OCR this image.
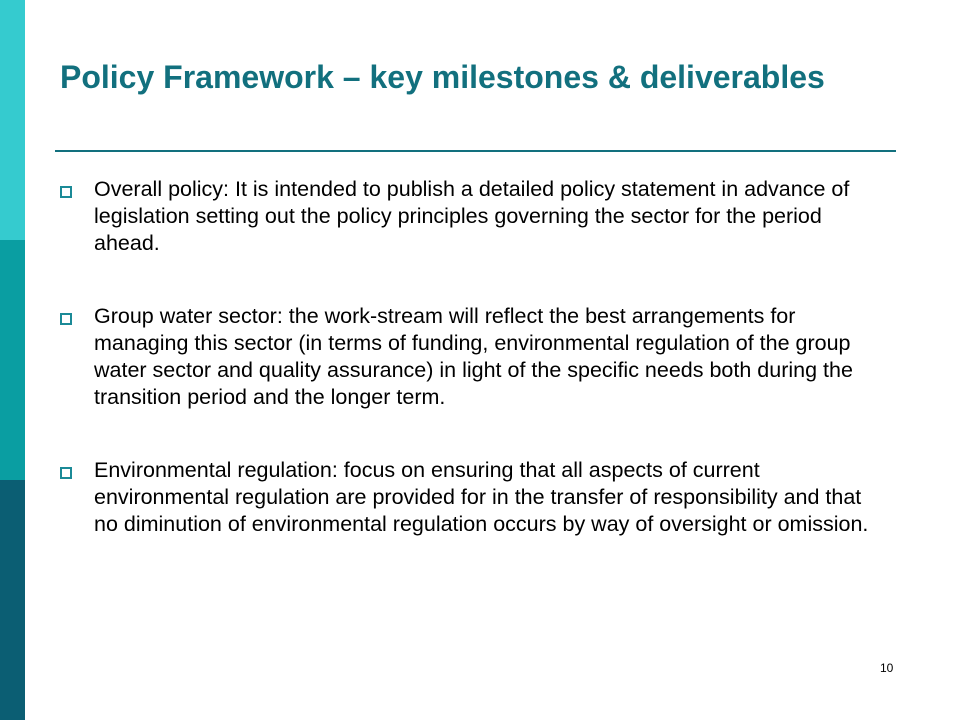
Policy Framework – key milestones & deliverables
Overall policy: It is intended to publish a detailed policy statement in advance of legislation setting out the policy principles governing the sector for the period ahead.
Group water sector: the work-stream will reflect the best arrangements for managing this sector (in terms of funding, environmental regulation of the group water sector and quality assurance) in light of the specific needs both during the transition period and the longer term.
Environmental regulation: focus on ensuring that all aspects of current environmental regulation are provided for in the transfer of responsibility and that no diminution of environmental regulation occurs by way of oversight or omission.
10
